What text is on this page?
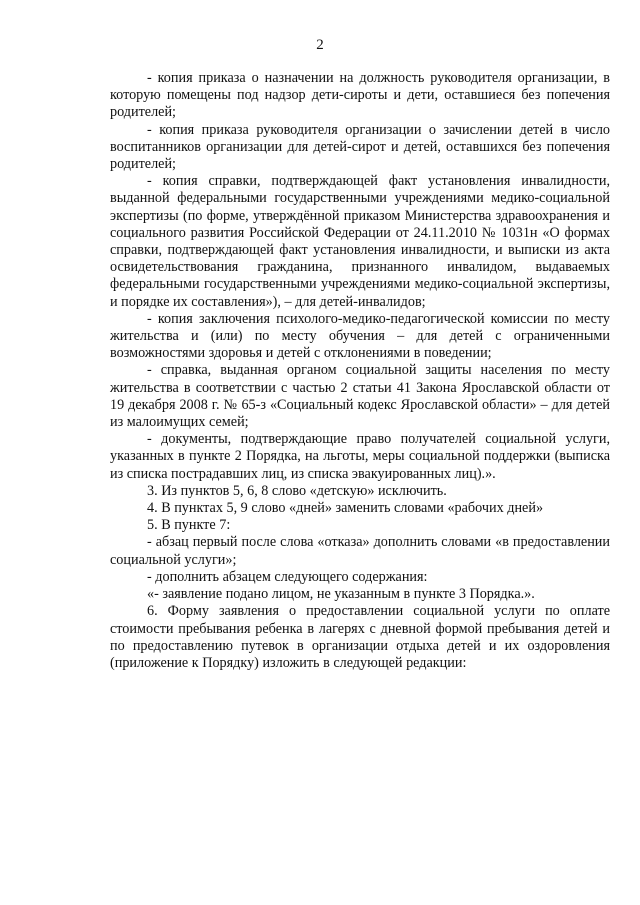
2

- копия приказа о назначении на должность руководителя организации, в которую помещены под надзор дети-сироты и дети, оставшиеся без попечения родителей;

- копия приказа руководителя организации о зачислении детей в число воспитанников организации для детей-сирот и детей, оставшихся без попечения родителей;

- копия справки, подтверждающей факт установления инвалидности, выданной федеральными государственными учреждениями медико-социальной экспертизы (по форме, утверждённой приказом Министерства здравоохранения и социального развития Российской Федерации от 24.11.2010 № 1031н «О формах справки, подтверждающей факт установления инвалидности, и выписки из акта освидетельствования гражданина, признанного инвалидом, выдаваемых федеральными государственными учреждениями медико-социальной экспертизы, и порядке их составления»), – для детей-инвалидов;

- копия заключения психолого-медико-педагогической комиссии по месту жительства и (или) по месту обучения – для детей с ограниченными возможностями здоровья и детей с отклонениями в поведении;

- справка, выданная органом социальной защиты населения по месту жительства в соответствии с частью 2 статьи 41 Закона Ярославской области от 19 декабря 2008 г. № 65-з «Социальный кодекс Ярославской области» – для детей из малоимущих семей;

- документы, подтверждающие право получателей социальной услуги, указанных в пункте 2 Порядка, на льготы, меры социальной поддержки (выписка из списка пострадавших лиц, из списка эвакуированных лиц).».

3. Из пунктов 5, 6, 8 слово «детскую» исключить.

4. В пунктах 5, 9 слово «дней» заменить словами «рабочих дней»

5. В пункте 7:

- абзац первый после слова «отказа» дополнить словами «в предоставлении социальной услуги»;

- дополнить абзацем следующего содержания:

«- заявление подано лицом, не указанным в пункте 3 Порядка.».

6. Форму заявления о предоставлении социальной услуги по оплате стоимости пребывания ребенка в лагерях с дневной формой пребывания детей и по предоставлению путевок в организации отдыха детей и их оздоровления (приложение к Порядку) изложить в следующей редакции:
